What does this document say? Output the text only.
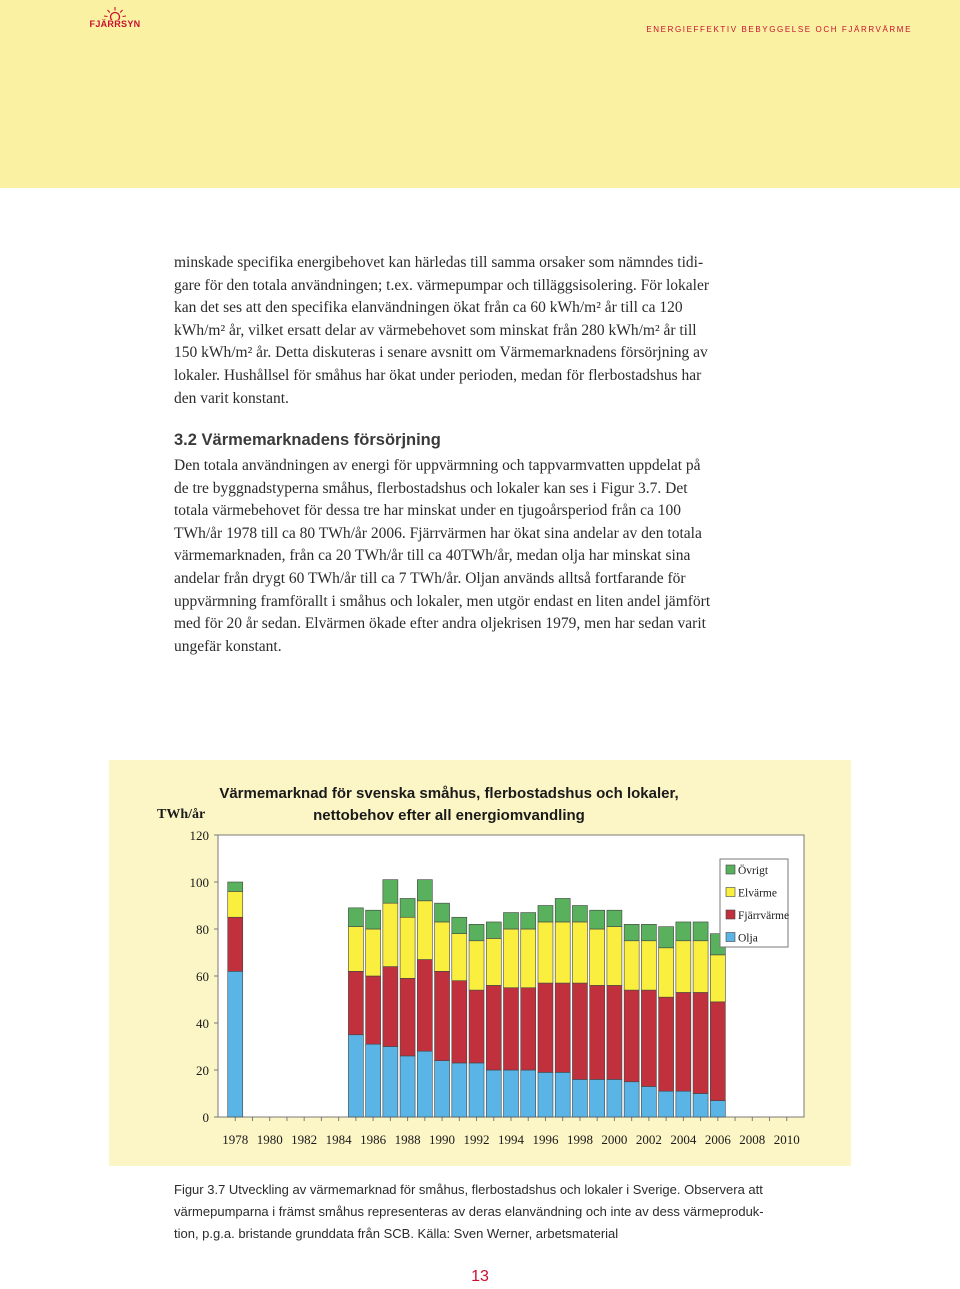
FJÄRRSYN
ENERGIEFFEKTIV BEBYGGELSE OCH FJÄRRVÄRME

minskade specifika energibehovet kan härledas till samma orsaker som nämndes tidi-
gare för den totala användningen; t.ex. värmepumpar och tilläggsisolering. För lokaler
kan det ses att den specifika elanvändningen ökat från ca 60 kWh/m² år till ca 120
kWh/m² år, vilket ersatt delar av värmebehovet som minskat från 280 kWh/m² år till
150 kWh/m² år. Detta diskuteras i senare avsnitt om Värmemarknadens försörjning av
lokaler. Hushållsel för småhus har ökat under perioden, medan för flerbostadshus har
den varit konstant.

3.2 Värmemarknadens försörjning

Den totala användningen av energi för uppvärmning och tappvarmvatten uppdelat på
de tre byggnadstyperna småhus, flerbostadshus och lokaler kan ses i Figur 3.7. Det
totala värmebehovet för dessa tre har minskat under en tjugoårsperiod från ca 100
TWh/år 1978 till ca 80 TWh/år 2006. Fjärrvärmen har ökat sina andelar av den totala
värmemarknaden, från ca 20 TWh/år till ca 40TWh/år, medan olja har minskat sina
andelar från drygt 60 TWh/år till ca 7 TWh/år. Oljan används alltså fortfarande för
uppvärmning framförallt i småhus och lokaler, men utgör endast en liten andel jämfört
med för 20 år sedan. Elvärmen ökade efter andra oljekrisen 1979, men har sedan varit
ungefär konstant.

Värmemarknad för svenska småhus, flerbostadshus och lokaler,
nettobehov efter all energiomvandling
TWh/år
0
20
40
60
80
100
120
1978 1980 1982 1984 1986 1988 1990 1992 1994 1996 1998 2000 2002 2004 2006 2008 2010
Övrigt
Elvärme
Fjärrvärme
Olja

Figur 3.7 Utveckling av värmemarknad för småhus, flerbostadshus och lokaler i Sverige. Observera att
värmepumparna i främst småhus representeras av deras elanvändning och inte av dess värmeproduk-
tion, p.g.a. bristande grunddata från SCB. Källa: Sven Werner, arbetsmaterial

13
